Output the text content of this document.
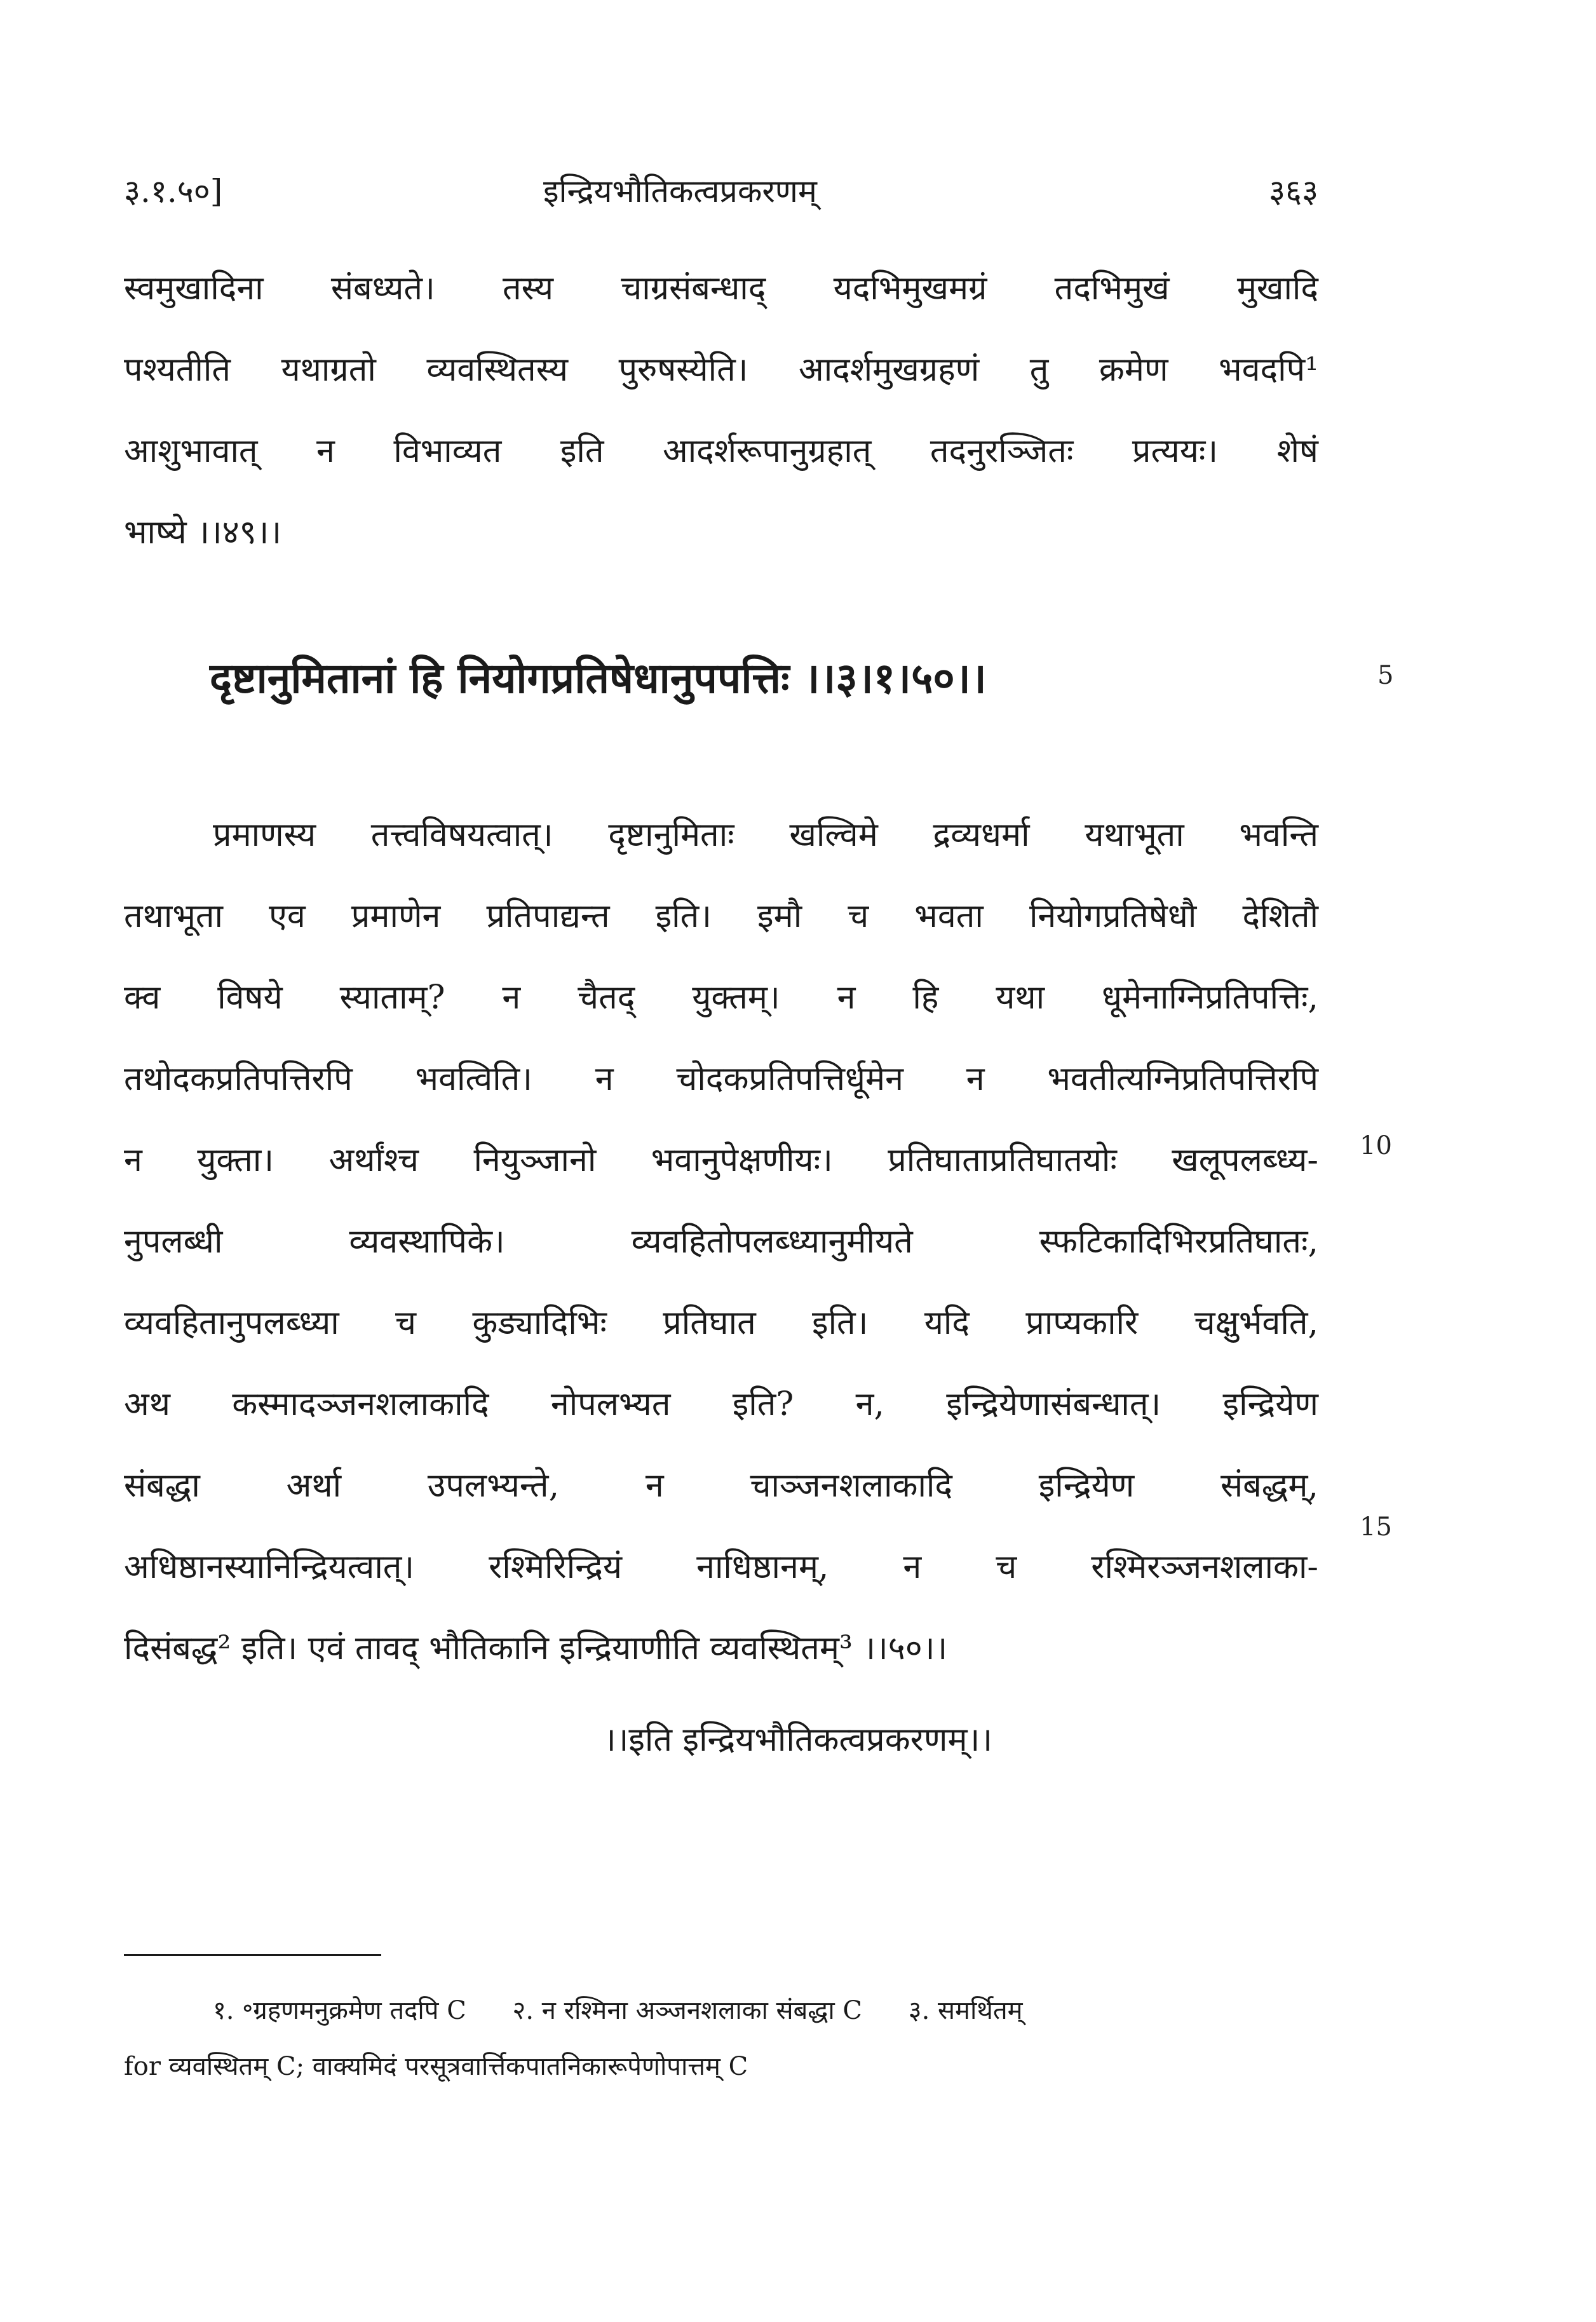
३.१.५०]	इन्द्रियभौतिकत्वप्रकरणम्	३६३
स्वमुखादिना संबध्यते। तस्य चाग्रसंबन्धाद् यदभिमुखमग्रं तदभिमुखं मुखादि
पश्यतीति यथाग्रतो व्यवस्थितस्य पुरुषस्येति। आदर्शमुखग्रहणं तु क्रमेण भवदपि¹
आशुभावात् न विभाव्यत इति आदर्शरूपानुग्रहात् तदनुरञ्जितः प्रत्ययः। शेषं
भाष्ये ।।४९।।
दृष्टानुमितानां हि नियोगप्रतिषेधानुपपत्तिः ।।३।१।५०।।	5
प्रमाणस्य तत्त्वविषयत्वात्। दृष्टानुमिताः खल्विमे द्रव्यधर्मा यथाभूता भवन्ति
तथाभूता एव प्रमाणेन प्रतिपाद्यन्त इति। इमौ च भवता नियोगप्रतिषेधौ देशितौ
क्व विषये स्याताम्? न चैतद् युक्तम्। न हि यथा धूमेनाग्निप्रतिपत्तिः,
तथोदकप्रतिपत्तिरपि भवत्विति। न चोदकप्रतिपत्तिर्धूमेन न भवतीत्यग्निप्रतिपत्तिरपि
न युक्ता। अर्थांश्च नियुञ्जानो भवानुपेक्षणीयः। प्रतिघाताप्रतिघातयोः खलूपलब्ध्य-
नुपलब्धी व्यवस्थापिके। व्यवहितोपलब्ध्यानुमीयते स्फटिकादिभिरप्रतिघातः,
व्यवहितानुपलब्ध्या च कुड्यादिभिः प्रतिघात इति। यदि प्राप्यकारि चक्षुर्भवति,
अथ कस्मादञ्जनशलाकादि नोपलभ्यत इति? न, इन्द्रियेणासंबन्धात्। इन्द्रियेण
संबद्धा अर्था उपलभ्यन्ते, न चाञ्जनशलाकादि इन्द्रियेण संबद्धम्,
अधिष्ठानस्यानिन्द्रियत्वात्। रश्मिरिन्द्रियं नाधिष्ठानम्, न च रश्मिरञ्जनशलाका-
दिसंबद्ध² इति। एवं तावद् भौतिकानि इन्द्रियाणीति व्यवस्थितम्³ ।।५०।।
10
15
।।इति इन्द्रियभौतिकत्वप्रकरणम्।।
१. ॰ग्रहणमनुक्रमेण तदपि C २. न रश्मिना अञ्जनशलाका संबद्धा C ३. समर्थितम्
for व्यवस्थितम् C; वाक्यमिदं परसूत्रवार्त्तिकपातनिकारूपेणोपात्तम् C
